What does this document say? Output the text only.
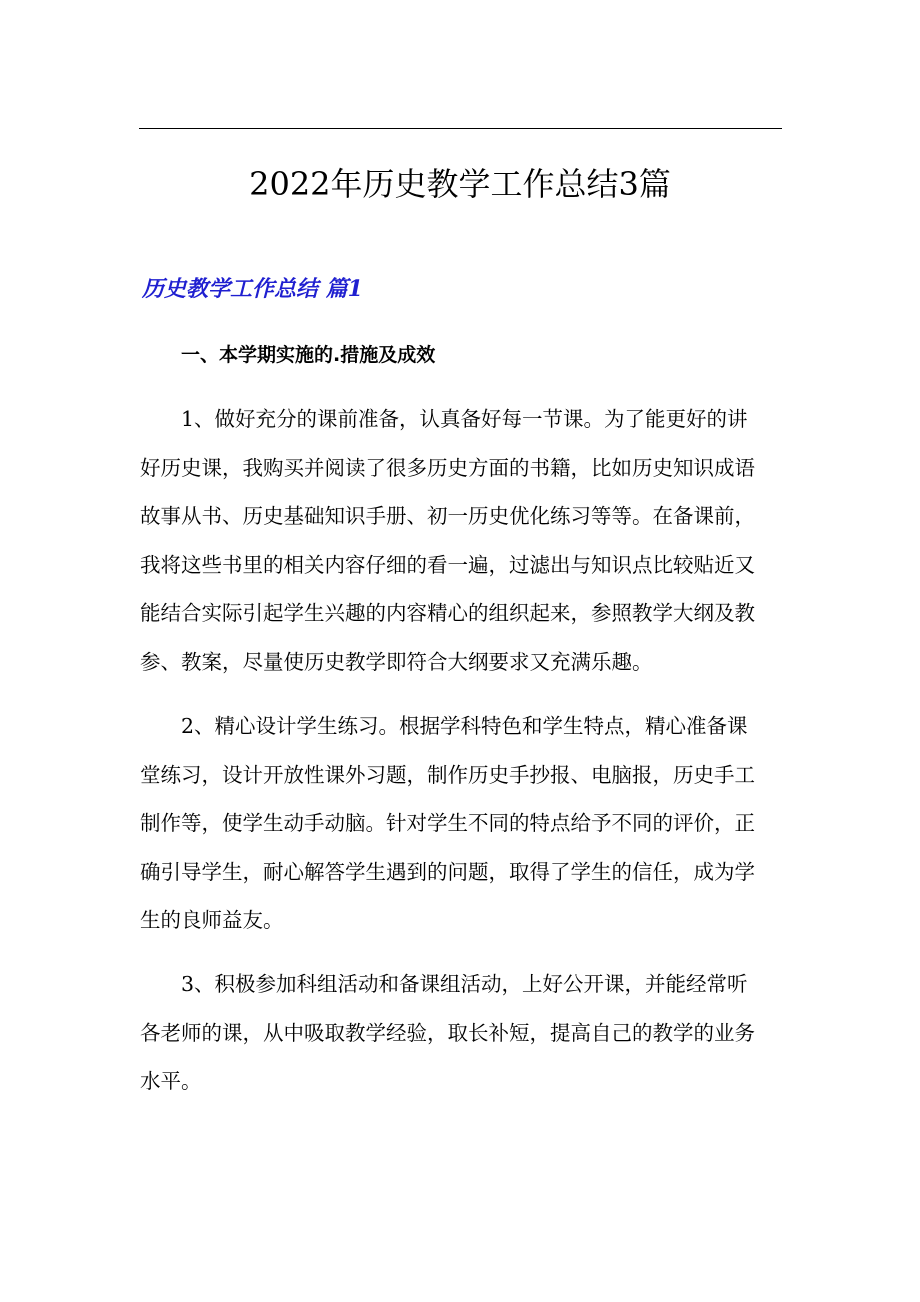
2022年历史教学工作总结3篇
历史教学工作总结 篇1
一、本学期实施的.措施及成效
1、做好充分的课前准备，认真备好每一节课。为了能更好的讲
好历史课，我购买并阅读了很多历史方面的书籍，比如历史知识成语
故事从书、历史基础知识手册、初一历史优化练习等等。在备课前，
我将这些书里的相关内容仔细的看一遍，过滤出与知识点比较贴近又
能结合实际引起学生兴趣的内容精心的组织起来，参照教学大纲及教
参、教案，尽量使历史教学即符合大纲要求又充满乐趣。
2、精心设计学生练习。根据学科特色和学生特点，精心准备课
堂练习，设计开放性课外习题，制作历史手抄报、电脑报，历史手工
制作等，使学生动手动脑。针对学生不同的特点给予不同的评价，正
确引导学生，耐心解答学生遇到的问题，取得了学生的信任，成为学
生的良师益友。
3、积极参加科组活动和备课组活动，上好公开课，并能经常听
各老师的课，从中吸取教学经验，取长补短，提高自己的教学的业务
水平。
